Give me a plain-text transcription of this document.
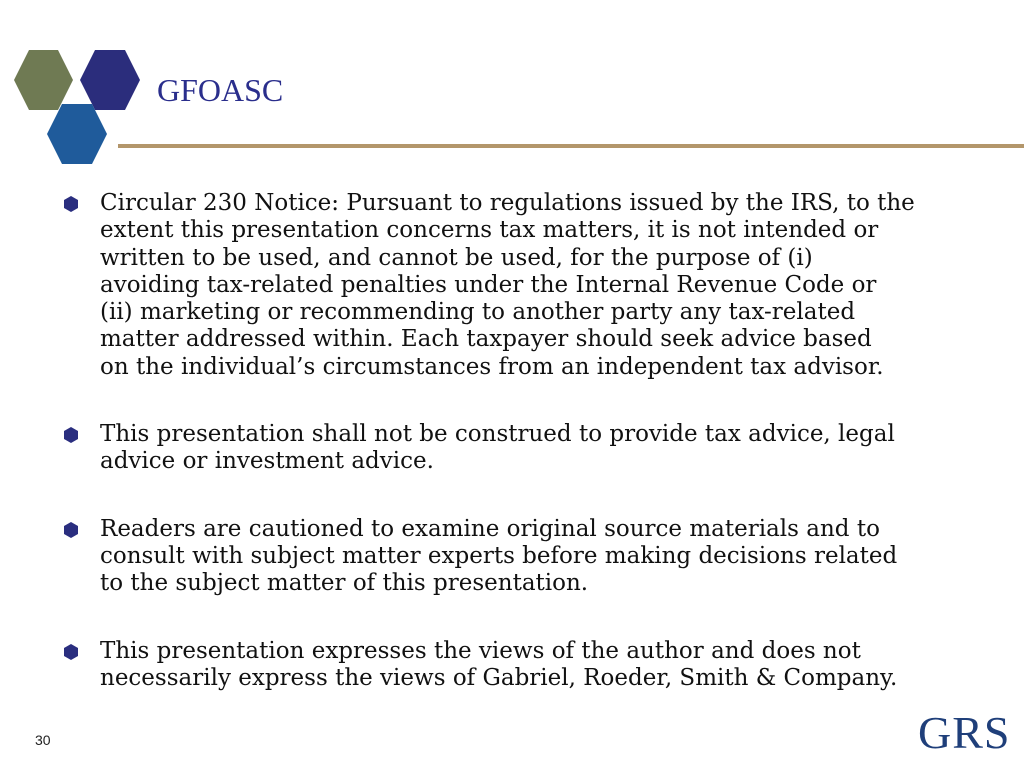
GFOASC
Circular 230 Notice: Pursuant to regulations issued by the IRS, to the
extent this presentation concerns tax matters, it is not intended or
written to be used, and cannot be used, for the purpose of (i)
avoiding tax-related penalties under the Internal Revenue Code or
(ii) marketing or recommending to another party any tax-related
matter addressed within. Each taxpayer should seek advice based
on the individual’s circumstances from an independent tax advisor.
This presentation shall not be construed to provide tax advice, legal
advice or investment advice.
Readers are cautioned to examine original source materials and to
consult with subject matter experts before making decisions related
to the subject matter of this presentation.
This presentation expresses the views of the author and does not
necessarily express the views of Gabriel, Roeder, Smith & Company.
30	GRS
